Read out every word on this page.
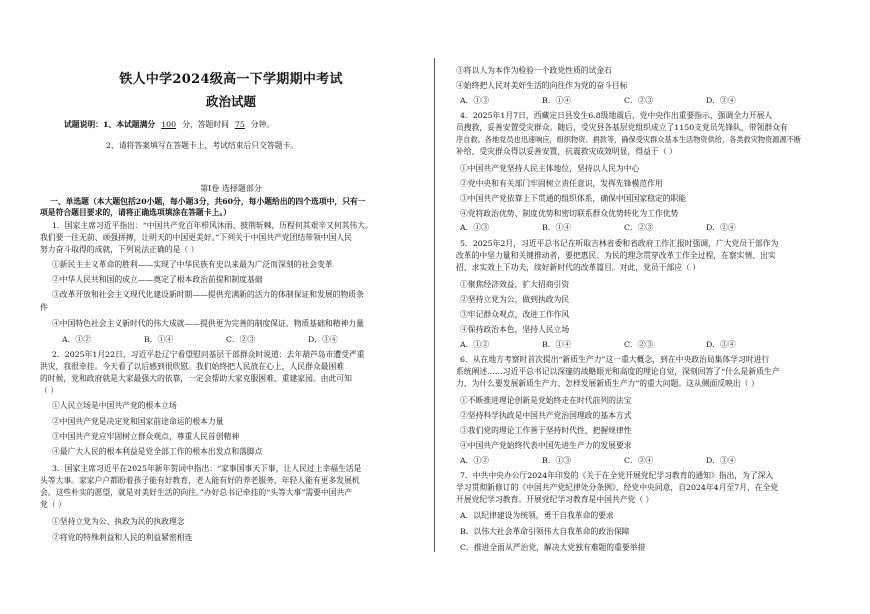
铁人中学2024级高一下学期期中考试
政治试题
试题说明：1、本试题满分 100 分，答题时间 75 分钟。
2、请将答案填写在答题卡上，考试结束后只交答题卡。
第Ⅰ卷 选择题部分
一、单选题（本大题包括20小题，每小题3分，共60分，每小题给出的四个选项中，只有一
项是符合题目要求的，请将正确选项填涂在答题卡上。）
1．国家主席习近平指出：“中国共产党百年栉风沐雨、披荆斩棘，历程何其艰辛又何其伟大。
我们要一往无前、顽强拼搏，让明天的中国更美好。”下列关于中国共产党团结带领中国人民
努力奋斗取得的成就，下列说法正确的是（ ）
①新民主主义革命的胜利——实现了中华民族有史以来最为广泛而深刻的社会变革
②中华人民共和国的成立——奠定了根本政治前提和制度基础
③改革开放和社会主义现代化建设新时期——提供充满新的活力的体制保证和发展的物质条
件
④中国特色社会主义新时代的伟大成就——提供更为完善的制度保证、物质基础和精神力量
A．①②	B．①④	C．②③	D．③④
2．2025年1月22日，习近平赴辽宁看望慰问基层干部群众时说道：去年葫芦岛市遭受严重
洪灾，我很牵挂。今天看了以后感到很欣慰。我们始终把人民放在心上，人民群众最困难
的时候，党和政府就是大家最强大的依靠，一定会帮助大家克服困难、重建家园。由此可知
（ ）
①人民立场是中国共产党的根本立场
②中国共产党是决定党和国家前途命运的根本力量
③中国共产党应牢固树立群众观点，尊重人民首创精神
④最广大人民的根本利益是党全部工作的根本出发点和落脚点
3．国家主席习近平在2025年新年贺词中指出：“家事国事天下事，让人民过上幸福生活是
头等大事。家家户户都盼着孩子能有好教育，老人能有好的养老服务，年轻人能有更多发展机
会。这些朴实的愿望，就是对美好生活的向往。”办好总书记牵挂的“头等大事”需要中国共产
党（ ）
①坚持立党为公、执政为民的执政理念
②将党的特殊利益和人民的利益紧密相连
③将以人为本作为检验一个政党性质的试金石
④始终把人民对美好生活的向往作为党的奋斗目标
A．①③	B．①④	C．②③	D．②④
4．2025年1月7日，西藏定日县发生6.8级地震后，党中央作出重要指示，强调全力开展人
员搜救，妥善安置受灾群众。随后，受灾县各基层党组织成立了1150支党员先锋队，带领群众有
序自救。各地党员也迅速响应，组织物资、捐款等，确保受灾群众基本生活物资供给，各类救灾物资源源不断
补给，受灾群众得以妥善安置，抗震救灾成效明显，得益于（ ）
①中国共产党坚持人民主体地位，坚持以人民为中心
②党中央和有关部门牢固树立责任意识，发挥先锋模范作用
③中国共产党依靠上下贯通的组织体系，确保中国国家稳定的职能
④党将政治优势、制度优势和密切联系群众优势转化为工作优势
A．①③	B．①④	C．②③	D．②④
5．2025年2月，习近平总书记在听取吉林省委和省政府工作汇报时强调，广大党员干部作为
改革的中坚力量和关键推动者，要把惠民、为民的理念贯穿改革工作全过程，在察实情、出实
招、求实效上下功夫，续好新时代的改革篇目。对此，党员干部应（ ）
①聚焦经济效益，扩大招商引资
②坚持立党为公，做到执政为民
③牢记群众观点，改进工作作风
④保持政治本色，坚持人民立场
A．①②	B．①④	C．②③	D．③④
6．从在地方考察时首次提出“新质生产力”这一重大概念，到在中央政治局集体学习时进行
系统阐述……习近平总书记以深邃的战略眼光和高度的理论自觉，深刻回答了“什么是新质生产
力、为什么要发展新质生产力、怎样发展新质生产力”的重大问题。这从侧面反映出（ ）
①不断推进理论创新是党始终走在时代前列的法宝
②坚持科学执政是中国共产党治国理政的基本方式
③我们党的理论工作善于坚持时代性，把握规律性
④中国共产党始终代表中国先进生产力的发展要求
A．①②	B．①③	C．②④	D．③④
7．中共中央办公厅2024年印发的《关于在全党开展党纪学习教育的通知》指出，为了深入
学习贯彻新修订的《中国共产党纪律处分条例》，经党中央同意，自2024年4月至7月，在全党
开展党纪学习教育。开展党纪学习教育是中国共产党（ ）
A．以纪律建设为统领，勇于自我革命的要求
B．以伟大社会革命引领伟大自我革命的政治保障
C．推进全面从严治党，解决大党独有难题的重要举措
